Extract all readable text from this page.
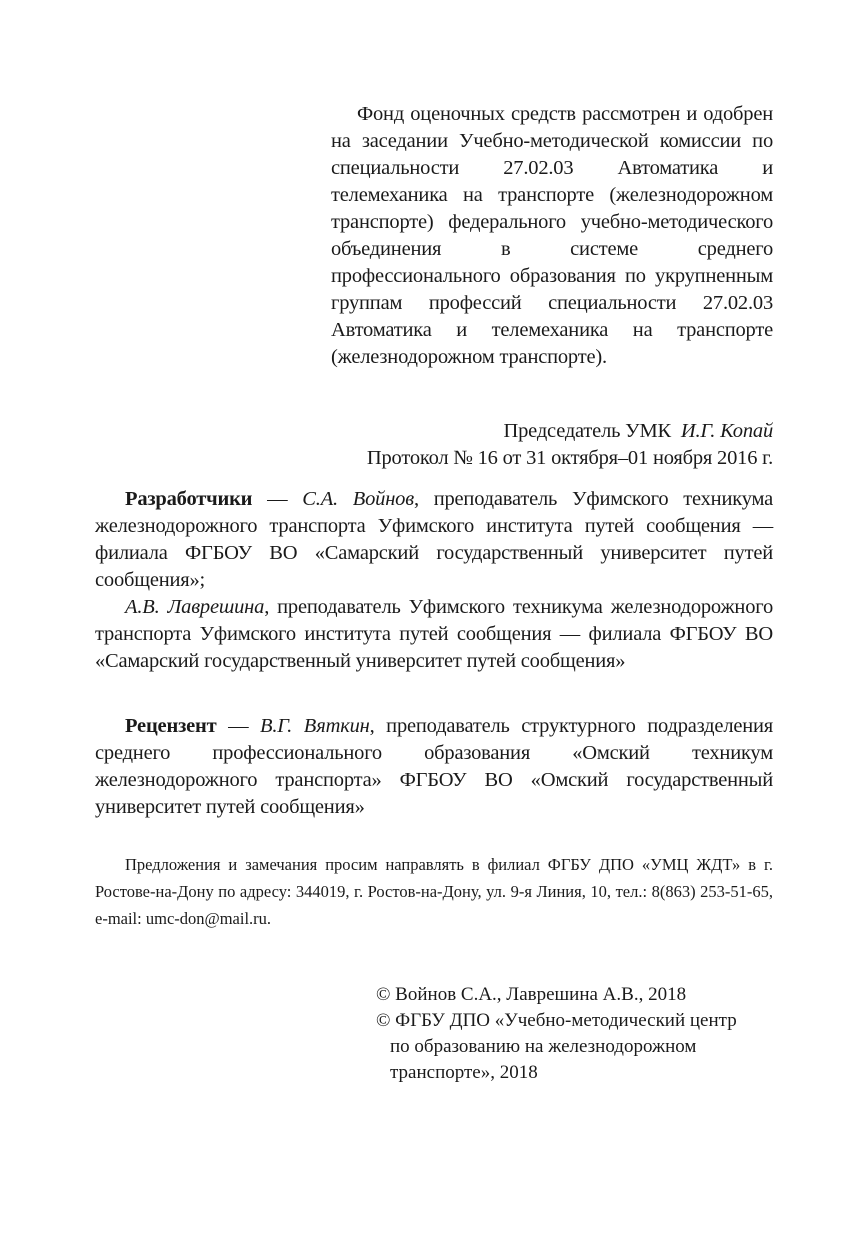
Фонд оценочных средств рассмотрен и одобрен на заседании Учебно-методической комиссии по специальности 27.02.03 Автоматика и телемеханика на транспорте (железнодорожном транспорте) федерального учебно-методического объединения в системе среднего профессионального образования по укрупненным группам профессий специальности 27.02.03 Автоматика и телемеханика на транспорте (железнодорожном транспорте).
Председатель УМК И.Г. Копай
Протокол № 16 от 31 октября–01 ноября 2016 г.

Разработчики — С.А. Войнов, преподаватель Уфимского техникума железнодорожного транспорта Уфимского института путей сообщения — филиала ФГБОУ ВО «Самарский государственный университет путей сообщения»;

А.В. Лаврешина, преподаватель Уфимского техникума железнодорожного транспорта Уфимского института путей сообщения — филиала ФГБОУ ВО «Самарский государственный университет путей сообщения»

Рецензент — В.Г. Вяткин, преподаватель структурного подразделения среднего профессионального образования «Омский техникум железнодорожного транспорта» ФГБОУ ВО «Омский государственный университет путей сообщения»

Предложения и замечания просим направлять в филиал ФГБУ ДПО «УМЦ ЖДТ» в г. Ростове-на-Дону по адресу: 344019, г. Ростов-на-Дону, ул. 9-я Линия, 10, тел.: 8(863) 253-51-65, e-mail: umc-don@mail.ru.
© Войнов С.А., Лаврешина А.В., 2018
© ФГБУ ДПО «Учебно-методический центр
по образованию на железнодорожном
транспорте», 2018
